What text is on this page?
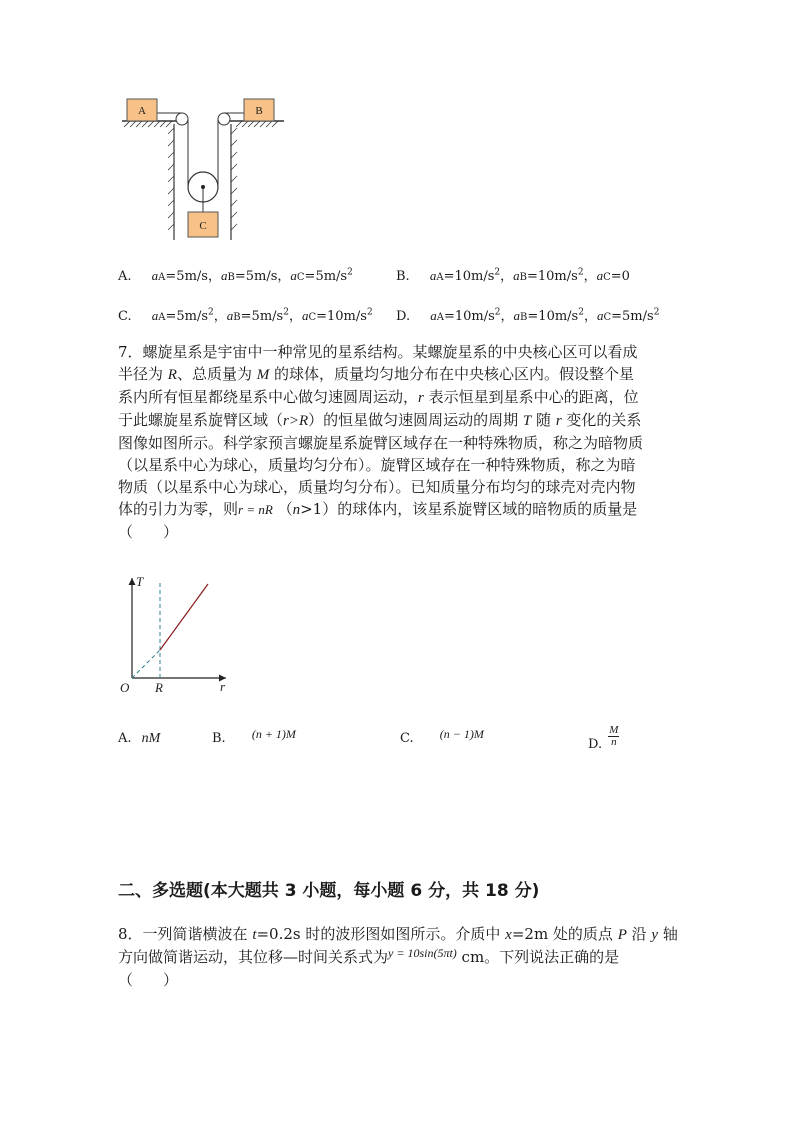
A	B
C
A. aA=5m/s，aB=5m/s，$aC=5m/s^2$	B. $aA=10m/s^2$，$aB=10m/s^2$，aC=0
C. $aA=5m/s^2$，$aB=5m/s^2$，$aC=10m/s^2$ D. $aA=10m/s^2$，$aB=10m/s^2$，$aC=5m/s^2$
7．螺旋星系是宇宙中一种常见的星系结构。某螺旋星系的中央核心区可以看成
半径为 R、总质量为 M 的球体，质量均匀地分布在中央核心区内。假设整个星
系内所有恒星都绕星系中心做匀速圆周运动，r 表示恒星到星系中心的距离，位
于此螺旋星系旋臂区域（r>R）的恒星做匀速圆周运动的周期 T 随 r 变化的关系
图像如图所示。科学家预言螺旋星系旋臂区域存在一种特殊物质，称之为暗物质
（以星系中心为球心，质量均匀分布）。旋臂区域存在一种特殊物质，称之为暗
物质（以星系中心为球心，质量均匀分布）。已知质量分布均匀的球壳对壳内物
体的引力为零，则r = nR （n>1）的球体内，该星系旋臂区域的暗物质的质量是
（　　）
T
r
O R
A. nM	B. (n + 1)M	C. (n − 1)M
D. $\frac{M}{n}$
二、多选题(本大题共 3 小题，每小题 6 分，共 18 分)
8．一列简谐横波在 t=0.2s 时的波形图如图所示。介质中 x=2m 处的质点 P 沿 y 轴
方向做简谐运动，其位移—时间关系式为$^{y = 10sin(5\pi t)}$ cm。下列说法正确的是
（　　）
